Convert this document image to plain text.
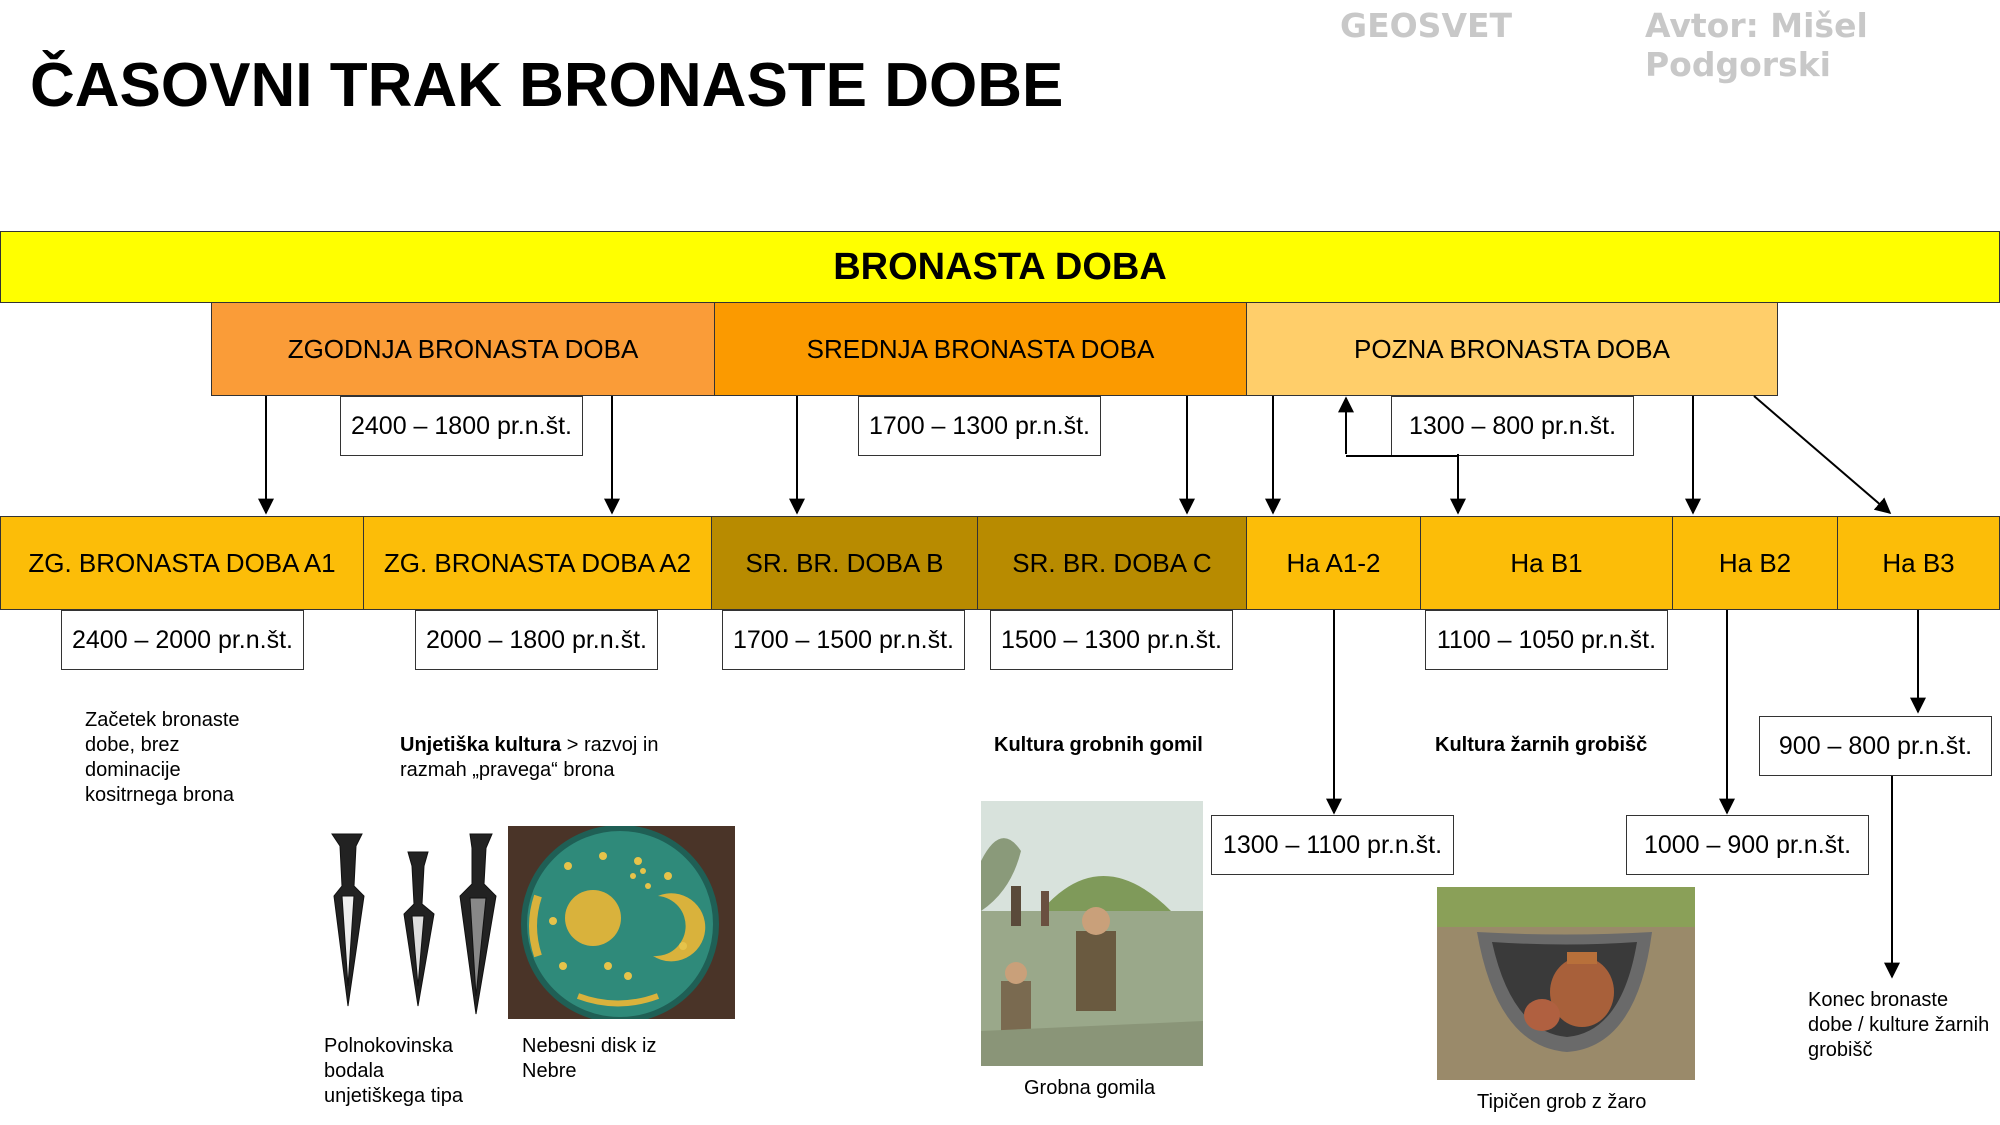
GEOSVET	Avtor: Mišel Podgorski
ČASOVNI TRAK BRONASTE DOBE
BRONASTA DOBA
ZGODNJA BRONASTA DOBA	SREDNJA BRONASTA DOBA	POZNA BRONASTA DOBA
2400 – 1800 pr.n.št.	1700 – 1300 pr.n.št.	1300 – 800 pr.n.št.
ZG. BRONASTA DOBA A1	ZG. BRONASTA DOBA A2	SR. BR. DOBA B	SR. BR. DOBA C	Ha A1-2	Ha B1	Ha B2	Ha B3
2400 – 2000 pr.n.št.	2000 – 1800 pr.n.št.	1700 – 1500 pr.n.št.	1500 – 1300 pr.n.št.
1300 – 1100 pr.n.št.
1100 – 1050 pr.n.št.
1000 – 900 pr.n.št.
900 – 800 pr.n.št.
Začetek bronaste dobe, brez dominacije kositrnega brona
Unjetiška kultura > razvoj in razmah „pravega“ brona
Kultura grobnih gomil	Kultura žarnih grobišč
Konec bronaste dobe / kulture žarnih grobišč
Polnokovinska bodala unjetiškega tipa
Nebesni disk iz Nebre
Grobna gomila
Tipičen grob z žaro
